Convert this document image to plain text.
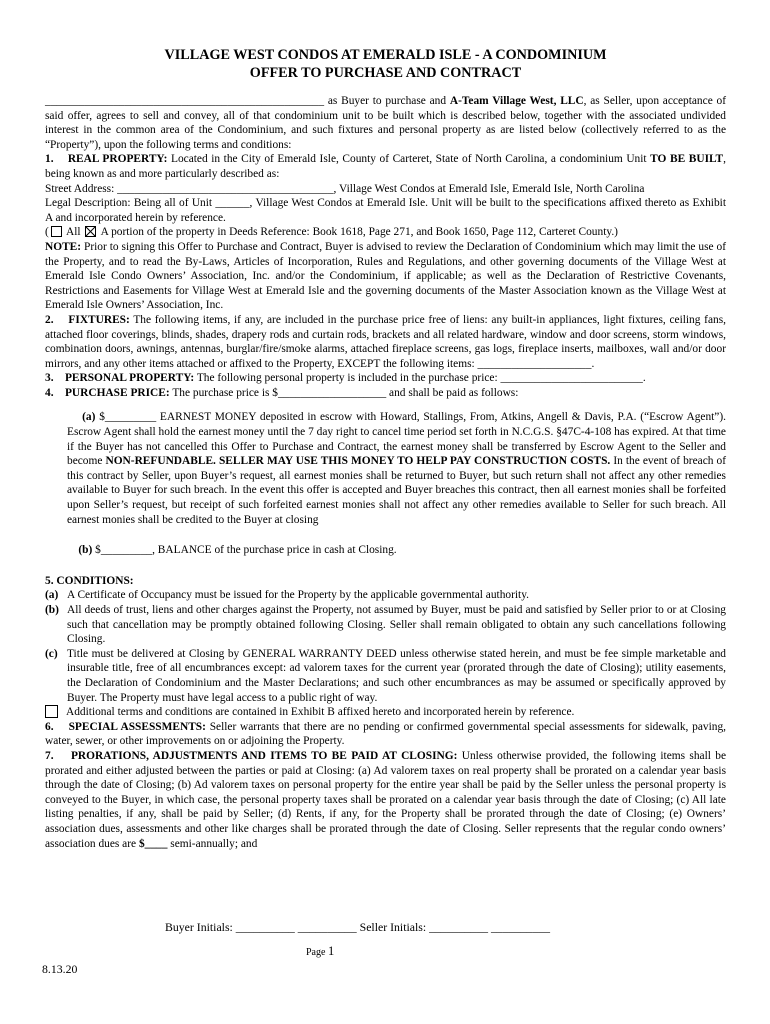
VILLAGE WEST CONDOS AT EMERALD ISLE - A CONDOMINIUM

OFFER TO PURCHASE AND CONTRACT

_________________________________________________ as Buyer to purchase and A-Team Village West, LLC, as Seller, upon acceptance of said offer, agrees to sell and convey, all of that condominium unit to be built which is described below, together with the associated undivided interest in the common area of the Condominium, and such fixtures and personal property as are listed below (collectively referred to as the “Property”), upon the following terms and conditions:

1. REAL PROPERTY: Located in the City of Emerald Isle, County of Carteret, State of North Carolina, a condominium Unit TO BE BUILT, being known as and more particularly described as:

Street Address: ______________________________________, Village West Condos at Emerald Isle, Emerald Isle, North Carolina

Legal Description: Being all of Unit ______, Village West Condos at Emerald Isle. Unit will be built to the specifications affixed thereto as Exhibit A and incorporated herein by reference.

( All  A portion of the property in Deeds Reference: Book 1618, Page 271, and Book 1650, Page 112, Carteret County.)

NOTE: Prior to signing this Offer to Purchase and Contract, Buyer is advised to review the Declaration of Condominium which may limit the use of the Property, and to read the By-Laws, Articles of Incorporation, Rules and Regulations, and other governing documents of the Village West at Emerald Isle Condo Owners’ Association, Inc. and/or the Condominium, if applicable; as well as the Declaration of Restrictive Covenants, Restrictions and Easements for Village West at Emerald Isle and the governing documents of the Master Association known as the Village West at Emerald Isle Owners’ Association, Inc.

2. FIXTURES: The following items, if any, are included in the purchase price free of liens: any built-in appliances, light fixtures, ceiling fans, attached floor coverings, blinds, shades, drapery rods and curtain rods, brackets and all related hardware, window and door screens, storm windows, combination doors, awnings, antennas, burglar/fire/smoke alarms, attached fireplace screens, gas logs, fireplace inserts, mailboxes, wall and/or door mirrors, and any other items attached or affixed to the Property, EXCEPT the following items: ____________________.

3. PERSONAL PROPERTY: The following personal property is included in the purchase price: _________________________.

4. PURCHASE PRICE: The purchase price is $___________________ and shall be paid as follows:

(a) $_________ EARNEST MONEY deposited in escrow with Howard, Stallings, From, Atkins, Angell & Davis, P.A. (“Escrow Agent”). Escrow Agent shall hold the earnest money until the 7 day right to cancel time period set forth in N.C.G.S. §47C-4-108 has expired. At that time if the Buyer has not cancelled this Offer to Purchase and Contract, the earnest money shall be transferred by Escrow Agent to the Seller and become NON-REFUNDABLE. SELLER MAY USE THIS MONEY TO HELP PAY CONSTRUCTION COSTS. In the event of breach of this contract by Seller, upon Buyer’s request, all earnest monies shall be returned to Buyer, but such return shall not affect any other remedies available to Buyer for such breach. In the event this offer is accepted and Buyer breaches this contract, then all earnest monies shall be forfeited upon Seller’s request, but receipt of such forfeited earnest monies shall not affect any other remedies available to Seller for such breach. All earnest monies shall be credited to the Buyer at closing

(b) $_________, BALANCE of the purchase price in cash at Closing.

5. CONDITIONS:

(a) A Certificate of Occupancy must be issued for the Property by the applicable governmental authority.
(b) All deeds of trust, liens and other charges against the Property, not assumed by Buyer, must be paid and satisfied by Seller prior to or at Closing such that cancellation may be promptly obtained following Closing. Seller shall remain obligated to obtain any such cancellations following Closing.
(c) Title must be delivered at Closing by GENERAL WARRANTY DEED unless otherwise stated herein, and must be fee simple marketable and insurable title, free of all encumbrances except: ad valorem taxes for the current year (prorated through the date of Closing); utility easements, the Declaration of Condominium and the Master Declarations; and such other encumbrances as may be assumed or specifically approved by Buyer. The Property must have legal access to a public right of way.

Additional terms and conditions are contained in Exhibit B affixed hereto and incorporated herein by reference.

6. SPECIAL ASSESSMENTS: Seller warrants that there are no pending or confirmed governmental special assessments for sidewalk, paving, water, sewer, or other improvements on or adjoining the Property.

7. PRORATIONS, ADJUSTMENTS AND ITEMS TO BE PAID AT CLOSING: Unless otherwise provided, the following items shall be prorated and either adjusted between the parties or paid at Closing: (a) Ad valorem taxes on real property shall be prorated on a calendar year basis through the date of Closing; (b) Ad valorem taxes on personal property for the entire year shall be paid by the Seller unless the personal property is conveyed to the Buyer, in which case, the personal property taxes shall be prorated on a calendar year basis through the date of Closing; (c) All late listing penalties, if any, shall be paid by Seller; (d) Rents, if any, for the Property shall be prorated through the date of Closing; (e) Owners’ association dues, assessments and other like charges shall be prorated through the date of Closing. Seller represents that the regular condo owners’ association dues are $____ semi-annually; and

Buyer Initials: __________ __________ Seller Initials: __________ __________
Page 1
8.13.20
